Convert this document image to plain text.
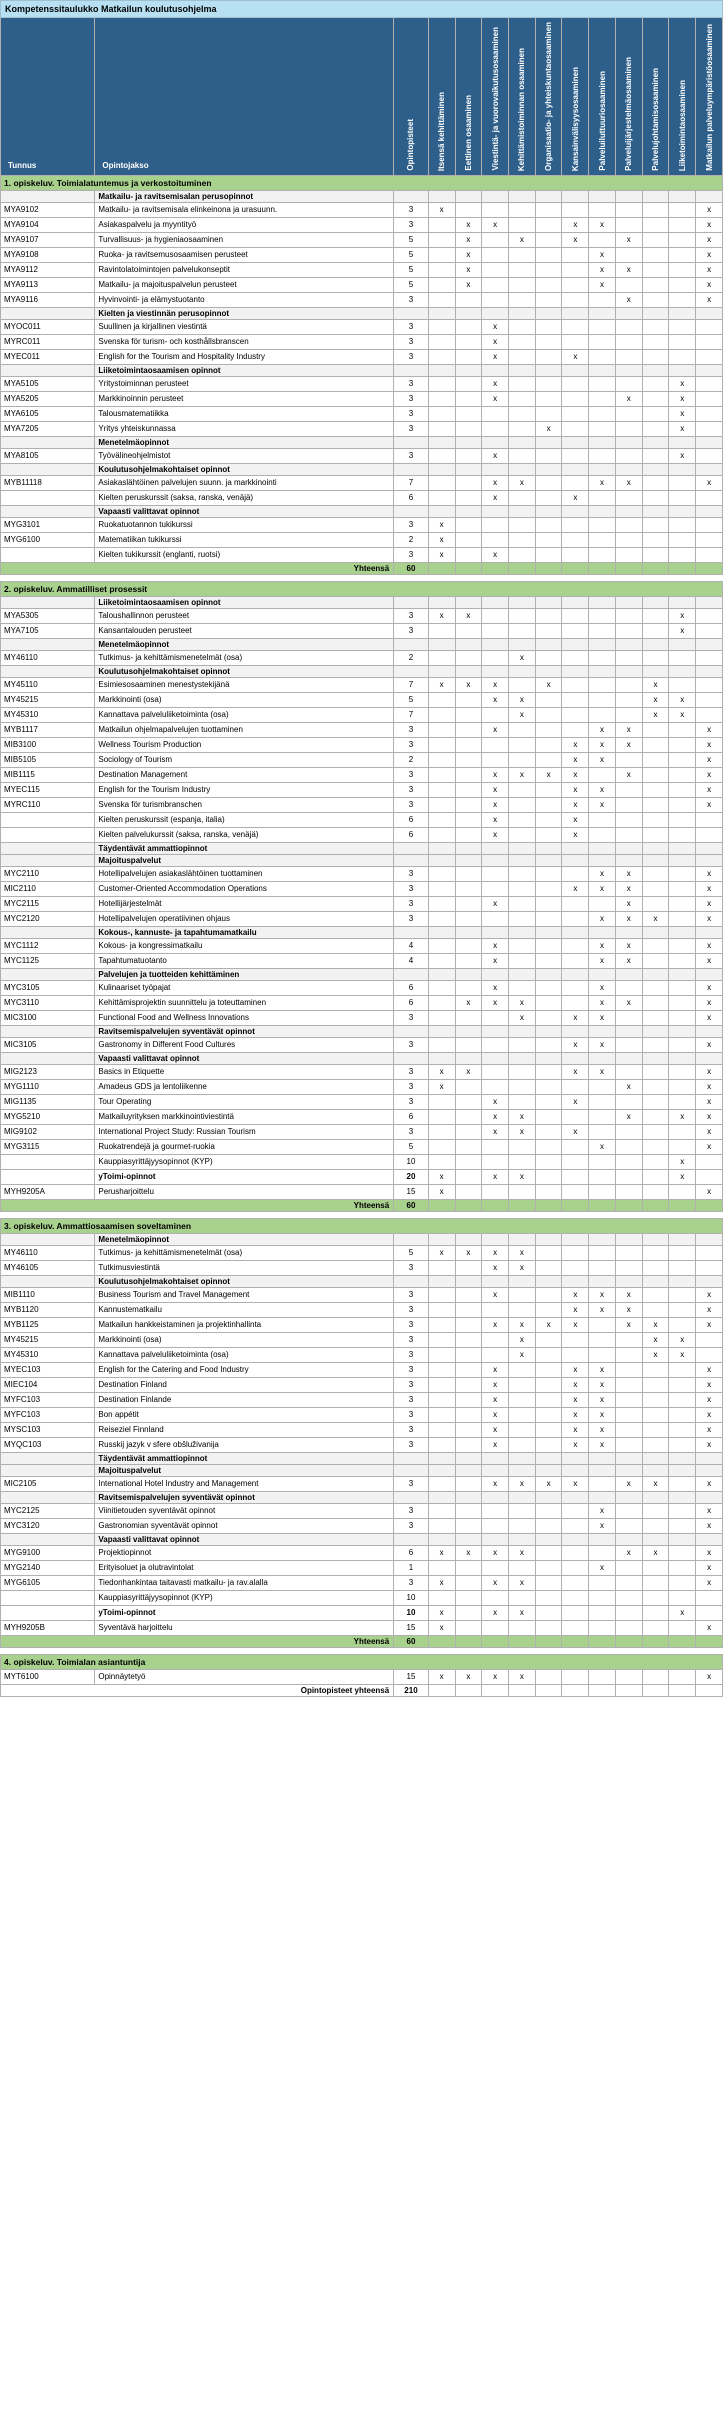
Kompetenssitaulukko Matkailun koulutusohjelma													

Tunnus	Opintojakso	Opintopisteet	Itsensä kehittäminen	Eettinen osaaminen	Viestintä- ja vuorovaikutusosaaminen	Kehittämistoiminnan osaaminen	Organisaatio- ja yhteiskuntaosaaminen	Kansainvälisyysosaaminen	Palveluiluttuuriosaaminen	Palveluijärjestelmäosaaminen	Palvelujohtamisosaaminen	Liiketoimintaosaaminen	Matkailun palveluympäristöosaaminen

1. opiskeluv. Toimialatuntemus ja verkostoituminen													
	Matkailu- ja ravitsemisalan perusopinnot												
MYA9102	Matkailu- ja ravitsemisala elinkeinona ja urasuunn.	3	x										x
MYA9104	Asiakaspalvelu ja myyntityö	3		x	x			x	x				x
MYA9107	Turvallisuus- ja hygieniaosaaminen	5		x		x		x		x			x
MYA9108	Ruoka- ja ravitsemusosaamisen perusteet	5		x					x				x
MYA9112	Ravintolatoimintojen palvelukonseptit	5		x					x	x			x
MYA9113	Matkailu- ja majoituspalvelun perusteet	5		x					x				x
MYA9116	Hyvinvointi- ja elämystuotanto	3								x			x
	Kielten ja viestinnän perusopinnot												
MYOC011	Suullinen ja kirjallinen viestintä	3			x								
MYRC011	Svenska för turism- och kosthållsbranscen	3			x								
MYEC011	English for the Tourism and Hospitality Industry	3			x			x					
	Liiketoimintaosaamisen opinnot												
MYA5105	Yritystoiminnan perusteet	3			x							x	
MYA5205	Markkinoinnin perusteet	3			x					x		x	
MYA6105	Talousmatematiikka	3										x	
MYA7205	Yritys yhteiskunnassa	3					x					x	
	Menetelmäopinnot												
MYA8105	Työvälineohjelmistot	3			x							x	
	Koulutusohjelmakohtaiset opinnot												
MYB11118	Asiakaslähtöinen palvelujen suunn. ja markkinointi	7			x	x			x	x			x
	Kielten peruskurssit (saksa, ranska, venäjä)	6			x			x					
	Vapaasti valittavat opinnot												
MYG3101	Ruokatuotannon tukikurssi	3	x										
MYG6100	Matematiikan tukikurssi	2	x										
	Kielten tukikurssit (englanti, ruotsi)	3	x		x								
Yhteensä		60											

2. opiskeluv. Ammatilliset prosessit													
	Liiketoimintaosaamisen opinnot												
MYA5305	Taloushallinnon perusteet	3	x	x								x	
MYA7105	Kansantalouden perusteet	3										x	
	Menetelmäopinnot												
MY46110	Tutkimus- ja kehittämismenetelmät (osa)	2				x							
	Koulutusohjelmakohtaiset opinnot												
MY45110	Esimiesosaaminen menestystekijänä	7	x	x	x		x				x		
MY45215	Markkinointi (osa)	5			x	x					x	x	
MY45310	Kannattava palveluliiketoiminta (osa)	7				x					x	x	
MYB1117	Matkailun ohjelmapalvelujen tuottaminen	3			x				x	x			x
MIB3100	Wellness Tourism Production	3						x	x	x			x
MIB5105	Sociology of Tourism	2						x	x				x
MIB1115	Destination Management	3			x	x	x	x		x			x
MYEC115	English for the Tourism Industry	3			x			x	x				x
MYRC110	Svenska för turismbranschen	3			x			x	x				x
	Kielten peruskurssit (espanja, italia)	6			x			x					
	Kielten palvelukurssit (saksa, ranska, venäjä)	6			x			x					
	Täydentävät ammattiopinnot												
	Majoituspalvelut												
MYC2110	Hotellipalvelujen asiakaslähtöinen tuottaminen	3							x	x			x
MIC2110	Customer-Oriented Accommodation Operations	3						x	x	x			x
MYC2115	Hotellijärjestelmät	3			x					x			x
MYC2120	Hotellipalvelujen operatiivinen ohjaus	3							x	x	x		x
	Kokous-, kannuste- ja tapahtumamatkailu												
MYC1112	Kokous- ja kongressimatkailu	4			x				x	x			x
MYC1125	Tapahtumatuotanto	4			x				x	x			x
	Palvelujen ja tuotteiden kehittäminen												
MYC3105	Kulinaariset työpajat	6			x				x				x
MYC3110	Kehittämisprojektin suunnittelu ja toteuttaminen	6		x	x	x			x	x			x
MIC3100	Functional Food and Wellness Innovations	3				x		x	x				x
	Ravitsemispalvelujen syventävät opinnot												
MIC3105	Gastronomy in Different Food Cultures	3						x	x				x
	Vapaasti valittavat opinnot												
MIG2123	Basics in Etiquette	3	x	x				x	x				x
MYG1110	Amadeus GDS ja lentoliikenne	3	x							x			x
MIG1135	Tour Operating	3			x			x					x
MYG5210	Matkailuyrityksen markkinointiviestintä	6			x	x				x		x	x
MIG9102	International Project Study: Russian Tourism	3			x	x		x					x
MYG3115	Ruokatrendejä ja gourmet-ruokia	5							x				x
	Kauppiasyrittäjyysopinnot (KYP)	10										x	
	yToimi-opinnot	20	x		x	x						x	
MYH9205A	Perusharjoittelu	15	x										x
Yhteensä		60											

3. opiskeluv. Ammattiosaamisen soveltaminen													
	Menetelmäopinnot												
MY46110	Tutkimus- ja kehittämismenetelmät (osa)	5	x	x	x	x							
MY46105	Tutkimusviestintä	3			x	x							
	Koulutusohjelmakohtaiset opinnot												
MIB1110	Business Tourism and Travel Management	3			x			x	x	x			x
MYB1120	Kannustematkailu	3						x	x	x			x
MYB1125	Matkailun hankkeistaminen ja projektinhallinta	3			x	x	x	x		x	x		x
MY45215	Markkinointi (osa)	3				x					x	x	
MY45310	Kannattava palveluliiketoiminta (osa)	3				x					x	x	
MYEC103	English for the Catering and Food Industry	3			x			x	x				x
MIEC104	Destination Finland	3			x			x	x				x
MYFC103	Destination Finlande	3			x			x	x				x
MYFC103	Bon appétit	3			x			x	x				x
MYSC103	Reiseziel Finnland	3			x			x	x				x
MYQC103	Russkij jazyk v sfere obšluživanija	3			x			x	x				x
	Täydentävät ammattiopinnot												
	Majoituspalvelut												
MIC2105	International Hotel Industry and Management	3			x	x	x	x		x	x		x
	Ravitsemispalvelujen syventävät opinnot												
MYC2125	Viinitietouden syventävät opinnot	3							x				x
MYC3120	Gastronomian syventävät opinnot	3							x				x
	Vapaasti valittavat opinnot												
MYG9100	Projektiopinnot	6	x	x	x	x				x	x		x
MYG2140	Erityisoluet ja olutravintolat	1							x				x
MYG6105	Tiedonhankintaa taitavasti matkailu- ja rav.alalla	3	x		x	x							x
	Kauppiasyrittäjyysopinnot (KYP)	10											
	yToimi-opinnot	10	x		x	x						x	
MYH9205B	Syventävä harjoittelu	15	x										x
Yhteensä		60											

4. opiskeluv. Toimialan asiantuntija													
MYT6100	Opinnäytetyö	15	x	x	x	x							x
Opintopisteet yhteensä		210											
